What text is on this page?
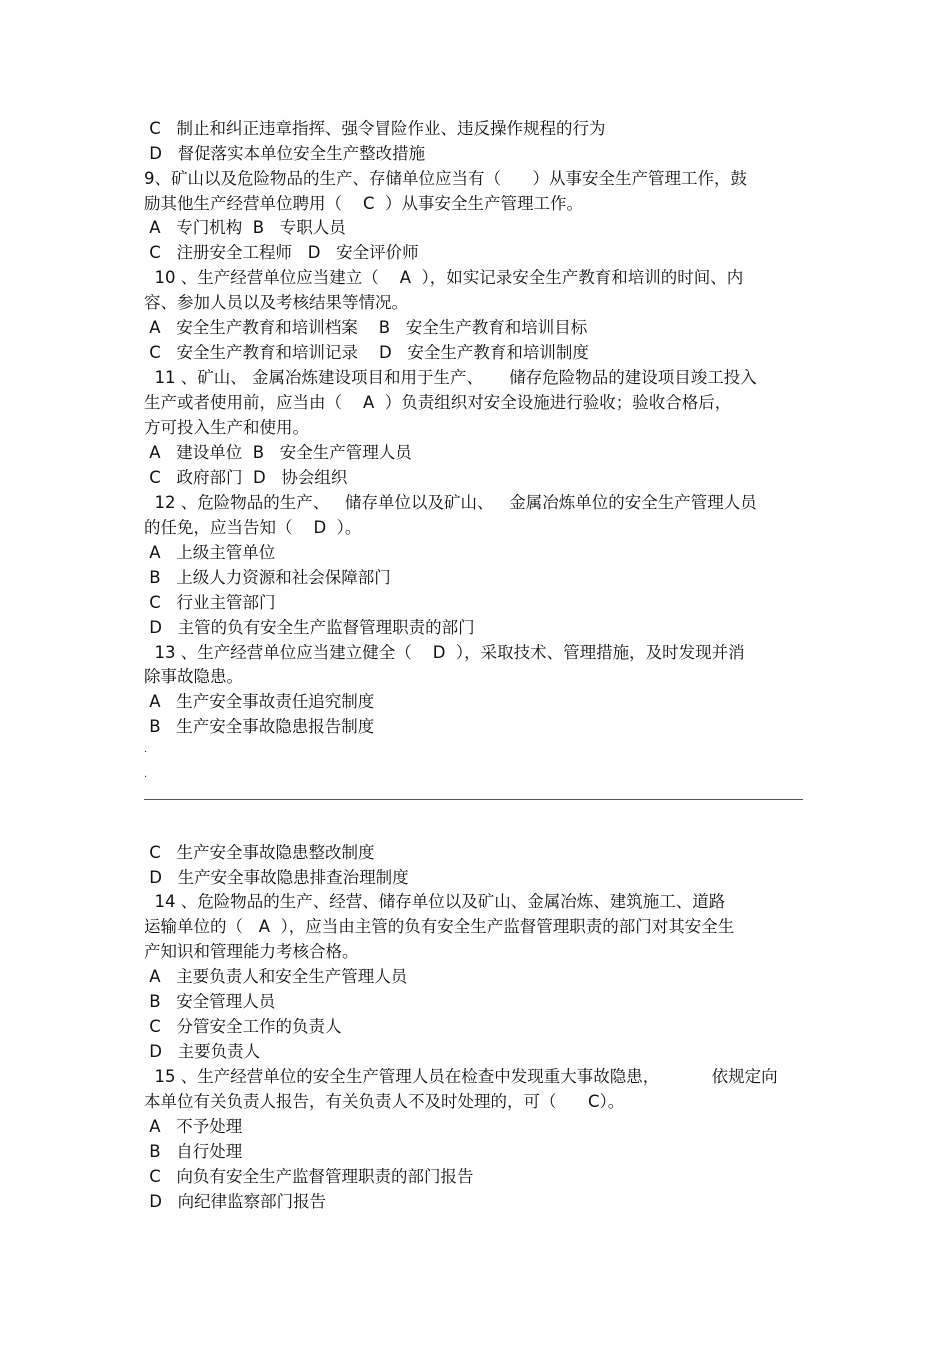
C   制止和纠正违章指挥、强令冒险作业、违反操作规程的行为
D   督促落实本单位安全生产整改措施
9、矿山以及危险物品的生产、存储单位应当有（      ）从事安全生产管理工作，鼓
励其他生产经营单位聘用（    C  ）从事安全生产管理工作。
A   专门机构  B   专职人员
C   注册安全工程师   D   安全评价师
10 、生产经营单位应当建立（    A  ），如实记录安全生产教育和培训的时间、内
容、参加人员以及考核结果等情况。
A   安全生产教育和培训档案    B   安全生产教育和培训目标
C   安全生产教育和培训记录    D   安全生产教育和培训制度
11 、矿山、 金属冶炼建设项目和用于生产、     储存危险物品的建设项目竣工投入
生产或者使用前，应当由（    A  ）负责组织对安全设施进行验收；验收合格后，
方可投入生产和使用。
A   建设单位  B   安全生产管理人员
C   政府部门  D   协会组织
12 、危险物品的生产、   储存单位以及矿山、   金属冶炼单位的安全生产管理人员
的任免，应当告知（    D  ）。
A   上级主管单位
B   上级人力资源和社会保障部门
C   行业主管部门
D   主管的负有安全生产监督管理职责的部门
13 、生产经营单位应当建立健全（    D  ），采取技术、管理措施，及时发现并消
除事故隐患。
A   生产安全事故责任追究制度
B   生产安全事故隐患报告制度
.
.
C   生产安全事故隐患整改制度
D   生产安全事故隐患排查治理制度
14 、危险物品的生产、经营、储存单位以及矿山、金属冶炼、建筑施工、道路
运输单位的（   A  ），应当由主管的负有安全生产监督管理职责的部门对其安全生
产知识和管理能力考核合格。
A   主要负责人和安全生产管理人员
B   安全管理人员
C   分管安全工作的负责人
D   主要负责人
15 、生产经营单位的安全生产管理人员在检查中发现重大事故隐患，          依规定向
本单位有关负责人报告，有关负责人不及时处理的，可（      C）。
A   不予处理
B   自行处理
C   向负有安全生产监督管理职责的部门报告
D   向纪律监察部门报告
